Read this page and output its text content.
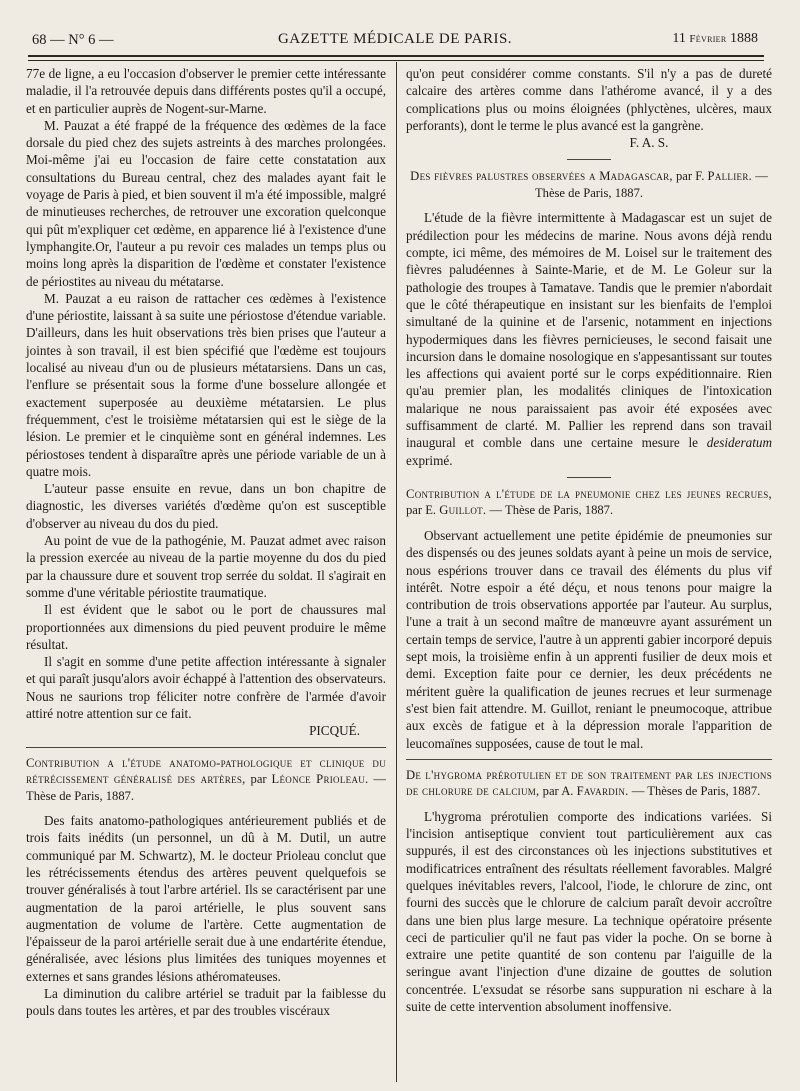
68 — N° 6 —	GAZETTE MÉDICALE DE PARIS.	11 Février 1888

77e de ligne, a eu l'occasion d'observer le premier cette intéressante maladie, il l'a retrouvée depuis dans différents postes qu'il a occupé, et en particulier auprès de Nogent-sur-Marne.

M. Pauzat a été frappé de la fréquence des œdèmes de la face dorsale du pied chez des sujets astreints à des marches prolongées. Moi-même j'ai eu l'occasion de faire cette constatation aux consultations du Bureau central, chez des malades ayant fait le voyage de Paris à pied, et bien souvent il m'a été impossible, malgré de minutieuses recherches, de retrouver une excoration quelconque qui pût m'expliquer cet œdème, en apparence lié à l'existence d'une lymphangite.Or, l'auteur a pu revoir ces malades un temps plus ou moins long après la disparition de l'œdème et constater l'existence de périostites au niveau du métatarse.

M. Pauzat a eu raison de rattacher ces œdèmes à l'existence d'une périostite, laissant à sa suite une périostose d'étendue variable. D'ailleurs, dans les huit observations très bien prises que l'auteur a jointes à son travail, il est bien spécifié que l'œdème est toujours localisé au niveau d'un ou de plusieurs métatarsiens. Dans un cas, l'enflure se présentait sous la forme d'une bosselure allongée et exactement superposée au deuxième métatarsien. Le plus fréquemment, c'est le troisième métatarsien qui est le siège de la lésion. Le premier et le cinquième sont en général indemnes. Les périostoses tendent à disparaître après une période variable de un à quatre mois.

L'auteur passe ensuite en revue, dans un bon chapitre de diagnostic, les diverses variétés d'œdème qu'on est susceptible d'observer au niveau du dos du pied.

Au point de vue de la pathogénie, M. Pauzat admet avec raison la pression exercée au niveau de la partie moyenne du dos du pied par la chaussure dure et souvent trop serrée du soldat. Il s'agirait en somme d'une véritable périostite traumatique.

Il est évident que le sabot ou le port de chaussures mal proportionnées aux dimensions du pied peuvent produire le même résultat.

Il s'agit en somme d'une petite affection intéressante à signaler et qui paraît jusqu'alors avoir échappé à l'attention des observateurs. Nous ne saurions trop féliciter notre confrère de l'armée d'avoir attiré notre attention sur ce fait.

PICQUÉ.

Contribution a l'étude anatomo-pathologique et clinique du rétrécissement généralisé des artères, par Léonce Prioleau. — Thèse de Paris, 1887.

Des faits anatomo-pathologiques antérieurement publiés et de trois faits inédits (un personnel, un dû à M. Dutil, un autre communiqué par M. Schwartz), M. le docteur Prioleau conclut que les rétrécissements étendus des artères peuvent quelquefois se trouver généralisés à tout l'arbre artériel. Ils se caractérisent par une augmentation de la paroi artérielle, le plus souvent sans augmentation de volume de l'artère. Cette augmentation de l'épaisseur de la paroi artérielle serait due à une endartérite étendue, généralisée, avec lésions plus limitées des tuniques moyennes et externes et sans grandes lésions athéromateuses.

La diminution du calibre artériel se traduit par la faiblesse du pouls dans toutes les artères, et par des troubles viscéraux

qu'on peut considérer comme constants. S'il n'y a pas de dureté calcaire des artères comme dans l'athérome avancé, il y a des complications plus ou moins éloignées (phlyctènes, ulcères, maux perforants), dont le terme le plus avancé est la gangrène.

F. A. S.

Des fièvres palustres observées a Madagascar, par F. Pallier. — Thèse de Paris, 1887.

L'étude de la fièvre intermittente à Madagascar est un sujet de prédilection pour les médecins de marine. Nous avons déjà rendu compte, ici même, des mémoires de M. Loisel sur le traitement des fièvres paludéennes à Sainte-Marie, et de M. Le Goleur sur la pathologie des troupes à Tamatave. Tandis que le premier n'abordait que le côté thérapeutique en insistant sur les bienfaits de l'emploi simultané de la quinine et de l'arsenic, notamment en injections hypodermiques dans les fièvres pernicieuses, le second faisait une incursion dans le domaine nosologique en s'appesantissant sur toutes les affections qui avaient porté sur le corps expéditionnaire. Rien qu'au premier plan, les modalités cliniques de l'intoxication malarique ne nous paraissaient pas avoir été exposées avec suffisamment de clarté. M. Pallier les reprend dans son travail inaugural et comble dans une certaine mesure le desideratum exprimé.

Contribution a l'étude de la pneumonie chez les jeunes recrues, par E. Guillot. — Thèse de Paris, 1887.

Observant actuellement une petite épidémie de pneumonies sur des dispensés ou des jeunes soldats ayant à peine un mois de service, nous espérions trouver dans ce travail des éléments du plus vif intérêt. Notre espoir a été déçu, et nous tenons pour maigre la contribution de trois observations apportée par l'auteur. Au surplus, l'une a trait à un second maître de manœuvre ayant assurément un certain temps de service, l'autre à un apprenti gabier incorporé depuis sept mois, la troisième enfin à un apprenti fusilier de deux mois et demi. Exception faite pour ce dernier, les deux précédents ne méritent guère la qualification de jeunes recrues et leur surmenage s'est bien fait attendre. M. Guillot, reniant le pneumocoque, attribue aux excès de fatigue et à la dépression morale l'apparition de leucomaïnes supposées, cause de tout le mal.

De l'hygroma prérotulien et de son traitement par les injections de chlorure de calcium, par A. Favardin. — Thèses de Paris, 1887.

L'hygroma prérotulien comporte des indications variées. Si l'incision antiseptique convient tout particulièrement aux cas suppurés, il est des circonstances où les injections substitutives et modificatrices entraînent des résultats réellement favorables. Malgré quelques inévitables revers, l'alcool, l'iode, le chlorure de zinc, ont fourni des succès que le chlorure de calcium paraît devoir accroître dans une bien plus large mesure. La technique opératoire présente ceci de particulier qu'il ne faut pas vider la poche. On se borne à extraire une petite quantité de son contenu par l'aiguille de la seringue avant l'injection d'une dizaine de gouttes de solution concentrée. L'exsudat se résorbe sans suppuration ni eschare à la suite de cette intervention absolument inoffensive.
